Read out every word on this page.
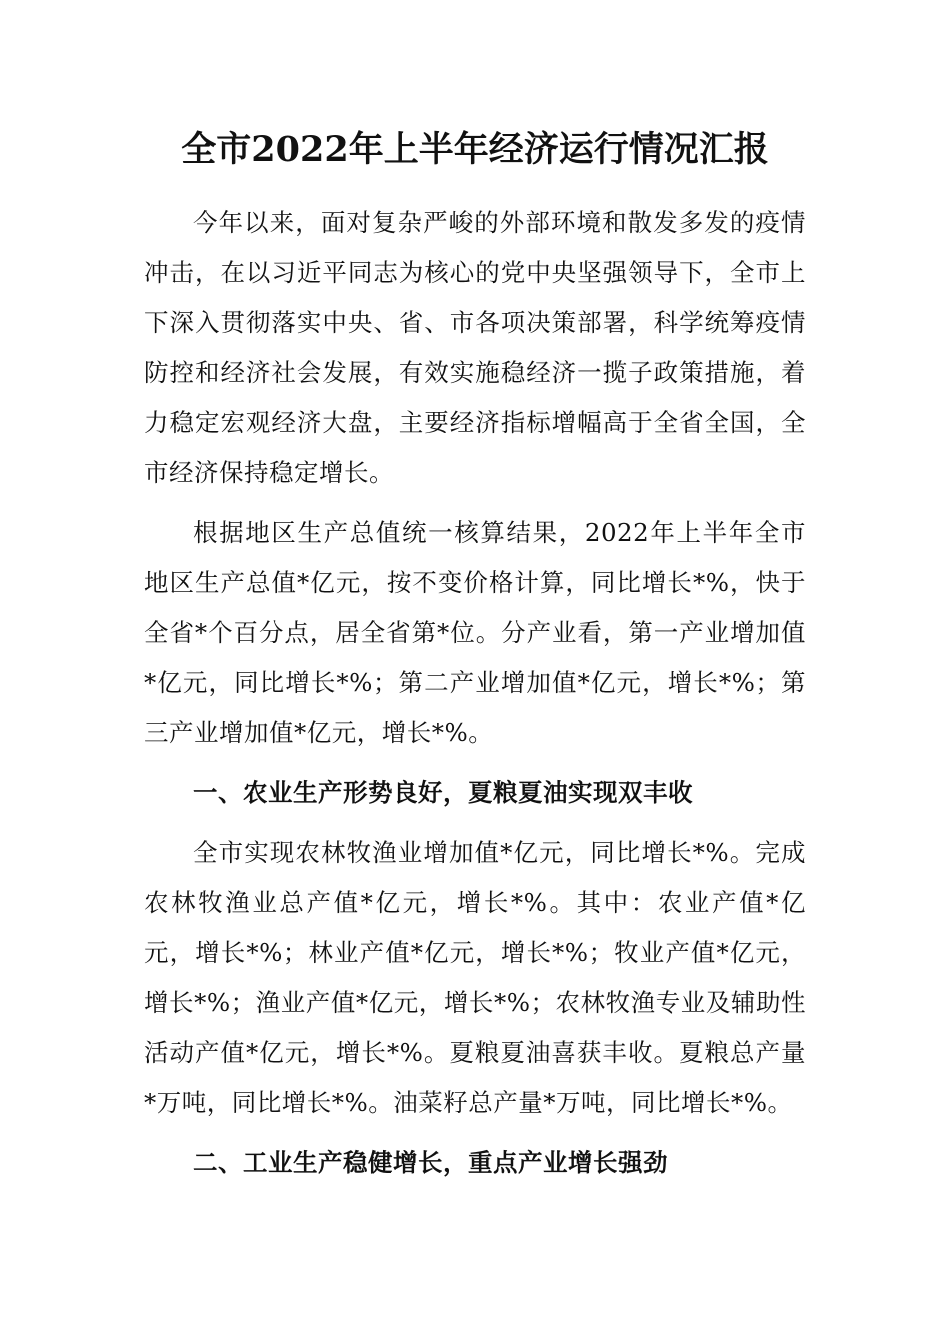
全市2022年上半年经济运行情况汇报

今年以来，面对复杂严峻的外部环境和散发多发的疫情冲击，在以习近平同志为核心的党中央坚强领导下，全市上下深入贯彻落实中央、省、市各项决策部署，科学统筹疫情防控和经济社会发展，有效实施稳经济一揽子政策措施，着力稳定宏观经济大盘，主要经济指标增幅高于全省全国，全市经济保持稳定增长。

根据地区生产总值统一核算结果，2022年上半年全市地区生产总值*亿元，按不变价格计算，同比增长*%，快于全省*个百分点，居全省第*位。分产业看，第一产业增加值*亿元，同比增长*%；第二产业增加值*亿元，增长*%；第三产业增加值*亿元，增长*%。

一、农业生产形势良好，夏粮夏油实现双丰收

全市实现农林牧渔业增加值*亿元，同比增长*%。完成农林牧渔业总产值*亿元，增长*%。其中：农业产值*亿元，增长*%；林业产值*亿元，增长*%；牧业产值*亿元，增长*%；渔业产值*亿元，增长*%；农林牧渔专业及辅助性活动产值*亿元，增长*%。夏粮夏油喜获丰收。夏粮总产量*万吨，同比增长*%。油菜籽总产量*万吨，同比增长*%。

二、工业生产稳健增长，重点产业增长强劲
